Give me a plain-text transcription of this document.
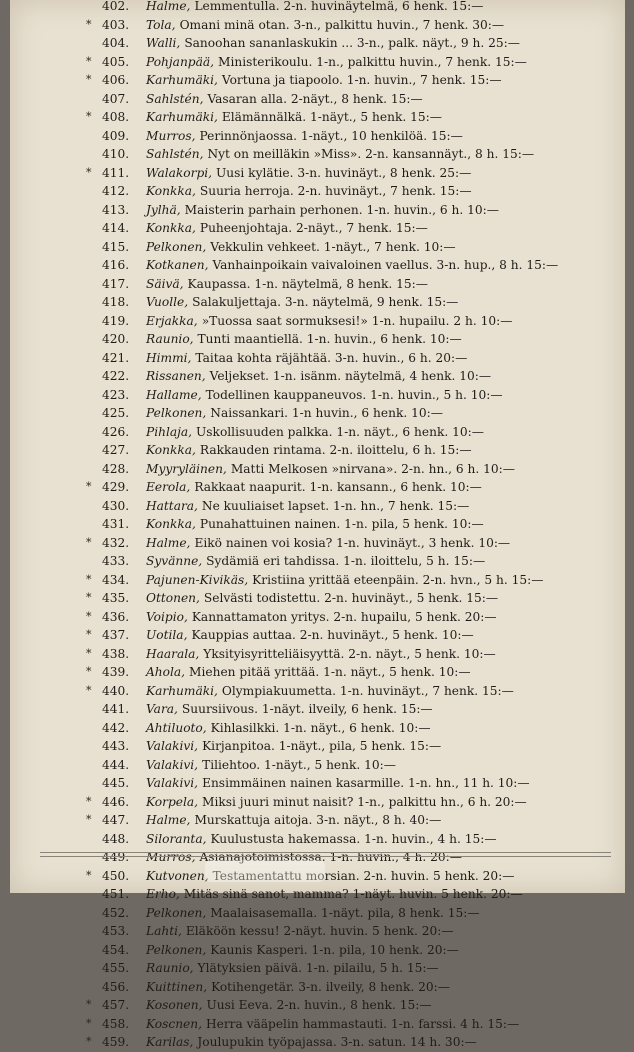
402.	Halme, Lemmentulla. 2-n. huvinäytelmä, 6 henk. 15:—
* 403.	Tola, Omani minä otan. 3-n., palkittu huvin., 7 henk. 30:—
404.	Walli, Sanoohan sananlaskukin ... 3-n., palk. näyt., 9 h. 25:—
* 405.	Pohjanpää, Ministerikoulu. 1-n., palkittu huvin., 7 henk. 15:—
* 406.	Karhumäki, Vortuna ja tiapoolo. 1-n. huvin., 7 henk. 15:—
407.	Sahlstén, Vasaran alla. 2-näyt., 8 henk. 15:—
* 408.	Karhumäki, Elämännälkä. 1-näyt., 5 henk. 15:—
409.	Murros, Perinnönjaossa. 1-näyt., 10 henkilöä. 15:—
410.	Sahlstén, Nyt on meilläkin »Miss». 2-n. kansannäyt., 8 h. 15:—
* 411.	Walakorpi, Uusi kylätie. 3-n. huvinäyt., 8 henk. 25:—
412.	Konkka, Suuria herroja. 2-n. huvinäyt., 7 henk. 15:—
413.	Jylhä, Maisterin parhain perhonen. 1-n. huvin., 6 h. 10:—
414.	Konkka, Puheenjohtaja. 2-näyt., 7 henk. 15:—
415.	Pelkonen, Vekkulin vehkeet. 1-näyt., 7 henk. 10:—
416.	Kotkanen, Vanhainpoikain vaivaloinen vaellus. 3-n. hup., 8 h. 15:—
417.	Säivä, Kaupassa. 1-n. näytelmä, 8 henk. 15:—
418.	Vuolle, Salakuljettaja. 3-n. näytelmä, 9 henk. 15:—
419.	Erjakka, »Tuossa saat sormuksesi!» 1-n. hupailu. 2 h. 10:—
420.	Raunio, Tunti maantiellä. 1-n. huvin., 6 henk. 10:—
421.	Himmi, Taitaa kohta räjähtää. 3-n. huvin., 6 h. 20:—
422.	Rissanen, Veljekset. 1-n. isänm. näytelmä, 4 henk. 10:—
423.	Hallame, Todellinen kauppaneuvos. 1-n. huvin., 5 h. 10:—
425.	Pelkonen, Naissankari. 1-n huvin., 6 henk. 10:—
426.	Pihlaja, Uskollisuuden palkka. 1-n. näyt., 6 henk. 10:—
427.	Konkka, Rakkauden rintama. 2-n. iloittelu, 6 h. 15:—
428.	Myyryläinen, Matti Melkosen »nirvana». 2-n. hn., 6 h. 10:—
* 429.	Eerola, Rakkaat naapurit. 1-n. kansann., 6 henk. 10:—
430.	Hattara, Ne kuuliaiset lapset. 1-n. hn., 7 henk. 15:—
431.	Konkka, Punahattuinen nainen. 1-n. pila, 5 henk. 10:—
* 432.	Halme, Eikö nainen voi kosia? 1-n. huvinäyt., 3 henk. 10:—
433.	Syvänne, Sydämiä eri tahdissa. 1-n. iloittelu, 5 h. 15:—
* 434.	Pajunen-Kivikäs, Kristiina yrittää eteenpäin. 2-n. hvn., 5 h. 15:—
* 435.	Ottonen, Selvästi todistettu. 2-n. huvinäyt., 5 henk. 15:—
* 436.	Voipio, Kannattamaton yritys. 2-n. hupailu, 5 henk. 20:—
* 437.	Uotila, Kauppias auttaa. 2-n. huvinäyt., 5 henk. 10:—
* 438.	Haarala, Yksityisyritteliäisyyttä. 2-n. näyt., 5 henk. 10:—
* 439.	Ahola, Miehen pitää yrittää. 1-n. näyt., 5 henk. 10:—
* 440.	Karhumäki, Olympiakuumetta. 1-n. huvinäyt., 7 henk. 15:—
441.	Vara, Suursiivous. 1-näyt. ilveily, 6 henk. 15:—
442.	Ahtiluoto, Kihlasilkki. 1-n. näyt., 6 henk. 10:—
443.	Valakivi, Kirjanpitoa. 1-näyt., pila, 5 henk. 15:—
444.	Valakivi, Tiliehtoo. 1-näyt., 5 henk. 10:—
445.	Valakivi, Ensimmäinen nainen kasarmille. 1-n. hn., 11 h. 10:—
* 446.	Korpela, Miksi juuri minut naisit? 1-n., palkittu hn., 6 h. 20:—
* 447.	Halme, Murskattuja aitoja. 3-n. näyt., 8 h. 40:—
448.	Siloranta, Kuulustusta hakemassa. 1-n. huvin., 4 h. 15:—
449.	Murros, Asianajotoimistossa. 1-n. huvin., 4 h. 20:—
* 450.	Kutvonen, Testamentattu morsian. 2-n. huvin. 5 henk. 20:—
451.	Erho, Mitäs sinä sanot, mamma? 1-näyt. huvin. 5 henk. 20:—
452.	Pelkonen, Maalaisasemalla. 1-näyt. pila, 8 henk. 15:—
453.	Lahti, Eläköön kessu! 2-näyt. huvin. 5 henk. 20:—
454.	Pelkonen, Kaunis Kasperi. 1-n. pila, 10 henk. 20:—
455.	Raunio, Ylätyksien päivä. 1-n. pilailu, 5 h. 15:—
456.	Kuittinen, Kotihengetär. 3-n. ilveily, 8 henk. 20:—
* 457.	Kosonen, Uusi Eeva. 2-n. huvin., 8 henk. 15:—
* 458.	Koscnen, Herra vääpelin hammastauti. 1-n. farssi. 4 h. 15:—
* 459.	Karilas, Joulupukin työpajassa. 3-n. satun. 14 h. 30:—
